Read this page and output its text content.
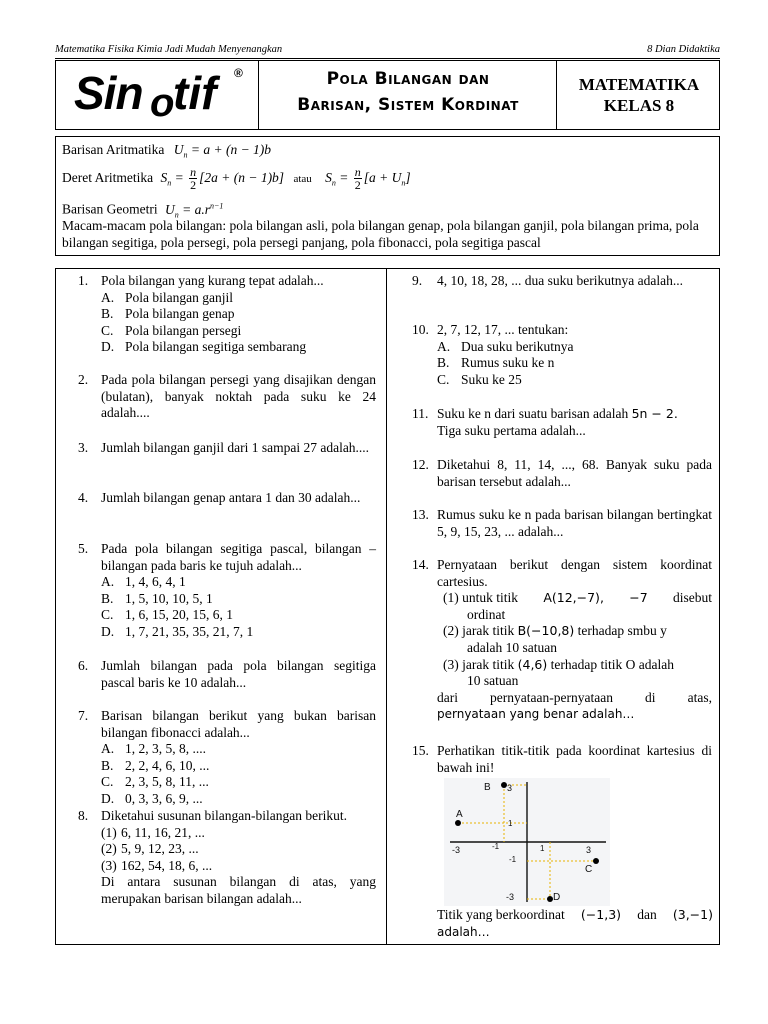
Matematika Fisika Kimia Jadi Mudah Menyenangkan	8 Dian Didaktika
Sin o
tif ®	Pola Bilangan dan
Barisan, Sistem Kordinat
MATEMATIKA
KELAS 8
Barisan Aritmatika $U_n = a + (n - 1)b$
Deret Aritmetika $S_n = \frac{n}{2} [2a + (n - 1)b]$ atau $S_n = \frac{n}{2} [a + U_n]$
Barisan Geometri $U_n = a.r^{n-1}$
Macam-macam pola bilangan: pola bilangan asli, pola bilangan genap, pola bilangan ganjil, pola bilangan prima, pola bilangan segitiga, pola persegi, pola persegi panjang, pola fibonacci, pola segitiga pascal
1. Pola bilangan yang kurang tepat adalah...
A. Pola bilangan ganjil
B. Pola bilangan genap
C. Pola bilangan persegi
D. Pola bilangan segitiga sembarang
2. Pada pola bilangan persegi yang disajikan dengan (bulatan), banyak noktah pada suku ke 24 adalah....
3. Jumlah bilangan ganjil dari 1 sampai 27 adalah....
4. Jumlah bilangan genap antara 1 dan 30 adalah...
5. Pada pola bilangan segitiga pascal, bilangan – bilangan pada baris ke tujuh adalah...
A. 1, 4, 6, 4, 1
B. 1, 5, 10, 10, 5, 1
C. 1, 6, 15, 20, 15, 6, 1
D. 1, 7, 21, 35, 35, 21, 7, 1
6. Jumlah bilangan pada pola bilangan segitiga pascal baris ke 10 adalah...
7. Barisan bilangan berikut yang bukan barisan bilangan fibonacci adalah...
A. 1, 2, 3, 5, 8, ....
B. 2, 2, 4, 6, 10, ...
C. 2, 3, 5, 8, 11, ...
D. 0, 3, 3, 6, 9, ...
8. Diketahui susunan bilangan-bilangan berikut.
(1) 6, 11, 16, 21, ...
(2) 5, 9, 12, 23, ...
(3) 162, 54, 18, 6, ...
Di antara susunan bilangan di atas, yang merupakan barisan bilangan adalah...
9. 4, 10, 18, 28, ... dua suku berikutnya adalah...
10. 2, 7, 12, 17, ... tentukan:
A. Dua suku berikutnya
B. Rumus suku ke n
C. Suku ke 25
11. Suku ke n dari suatu barisan adalah 5n − 2.
Tiga suku pertama adalah...
12. Diketahui 8, 11, 14, ..., 68. Banyak suku pada barisan tersebut adalah...
13. Rumus suku ke n pada barisan bilangan bertingkat 5, 9, 15, 23, ... adalah...
14. Pernyataan berikut dengan sistem koordinat cartesius.
(1) untuk titik A(12,−7), −7 disebut
ordinat
(2) jarak titik B(−10,8) terhadap smbu y
adalah 10 satuan
(3) jarak titik (4,6) terhadap titik O adalah
10 satuan
dari pernyataan-pernyataan di atas,
pernyataan yang benar adalah…
15. Perhatikan titik-titik pada koordinat kartesius di bawah ini!
B
A
C
D
3
1
-1
-3
-3	-1	1	3
Titik yang berkoordinat (−1,3) dan (3,−1)
adalah…
